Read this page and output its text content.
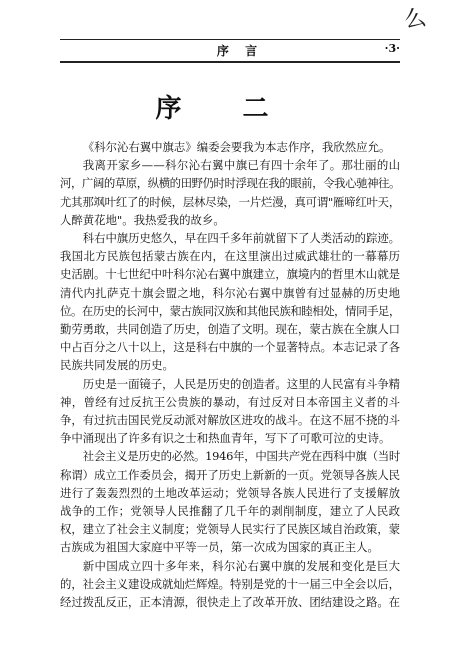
么
序 言	·3·
序 二
《科尔沁右翼中旗志》编委会要我为本志作序，我欣然应允。
我离开家乡——科尔沁右翼中旗已有四十余年了。那壮丽的山
河，广阔的草原，纵横的田野仍时时浮现在我的眼前，令我心驰神往。
尤其那飒叶红了的时候，层林尽染，一片烂漫，真可谓"雁啼红叶天，
人醉黄花地"。我热爱我的故乡。
科右中旗历史悠久，早在四千多年前就留下了人类活动的踪迹。
我国北方民族包括蒙古族在内，在这里演出过威武雄壮的一幕幕历
史活剧。十七世纪中叶科尔沁右翼中旗建立，旗境内的哲里木山就是
清代内扎萨克十旗会盟之地，科尔沁右翼中旗曾有过显赫的历史地
位。在历史的长河中，蒙古族同汉族和其他民族和睦相处，情同手足，
勤劳勇敢，共同创造了历史，创造了文明。现在，蒙古族在全旗人口
中占百分之八十以上，这是科右中旗的一个显著特点。本志记录了各
民族共同发展的历史。
历史是一面镜子，人民是历史的创造者。这里的人民富有斗争精
神，曾经有过反抗王公贵族的暴动，有过反对日本帝国主义者的斗
争，有过抗击国民党反动派对解放区进攻的战斗。在这不屈不挠的斗
争中涌现出了许多有识之士和热血青年，写下了可歌可泣的史诗。
社会主义是历史的必然。1946年，中国共产党在西科中旗（当时
称谓）成立工作委员会，揭开了历史上新新的一页。党领导各族人民
进行了轰轰烈烈的土地改革运动；党领导各族人民进行了支援解放
战争的工作；党领导人民推翻了几千年的剥削制度，建立了人民政
权，建立了社会主义制度；党领导人民实行了民族区域自治政策，蒙
古族成为祖国大家庭中平等一员，第一次成为国家的真正主人。
新中国成立四十多年来，科尔沁右翼中旗的发展和变化是巨大
的，社会主义建设成就灿烂辉煌。特别是党的十一届三中全会以后，
经过拨乱反正，正本清源，很快走上了改革开放、团结建设之路。在
